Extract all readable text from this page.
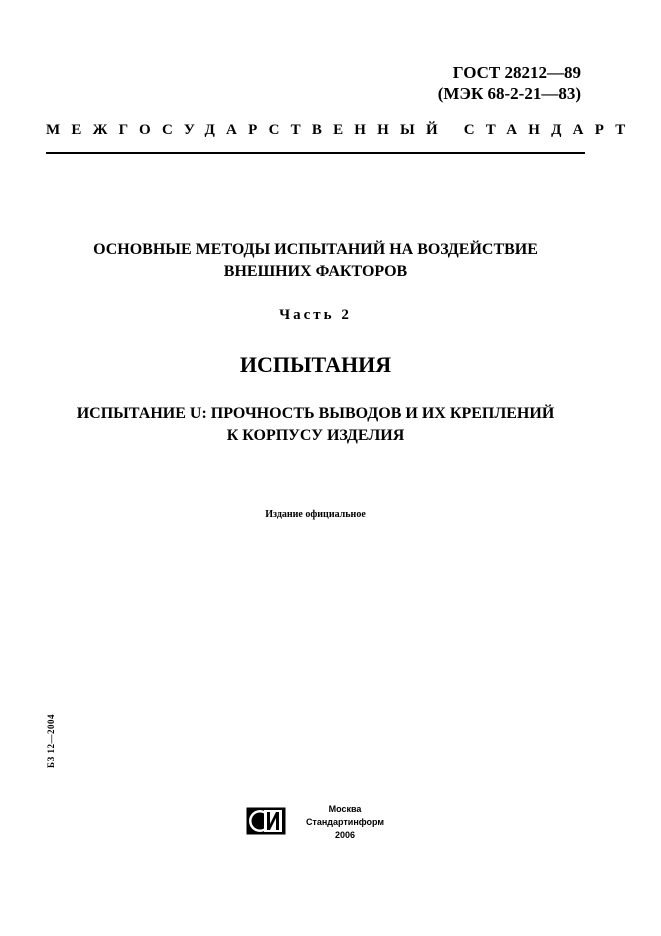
ГОСТ 28212—89
(МЭК 68-2-21—83)
МЕЖГОСУДАРСТВЕННЫЙ СТАНДАРТ
ОСНОВНЫЕ МЕТОДЫ ИСПЫТАНИЙ НА ВОЗДЕЙСТВИЕ
ВНЕШНИХ ФАКТОРОВ
Часть 2
ИСПЫТАНИЯ
ИСПЫТАНИЕ U: ПРОЧНОСТЬ ВЫВОДОВ И ИХ КРЕПЛЕНИЙ
К КОРПУСУ ИЗДЕЛИЯ
Издание официальное
БЗ 12—2004
СИ
Москва
Стандартинформ
2006
